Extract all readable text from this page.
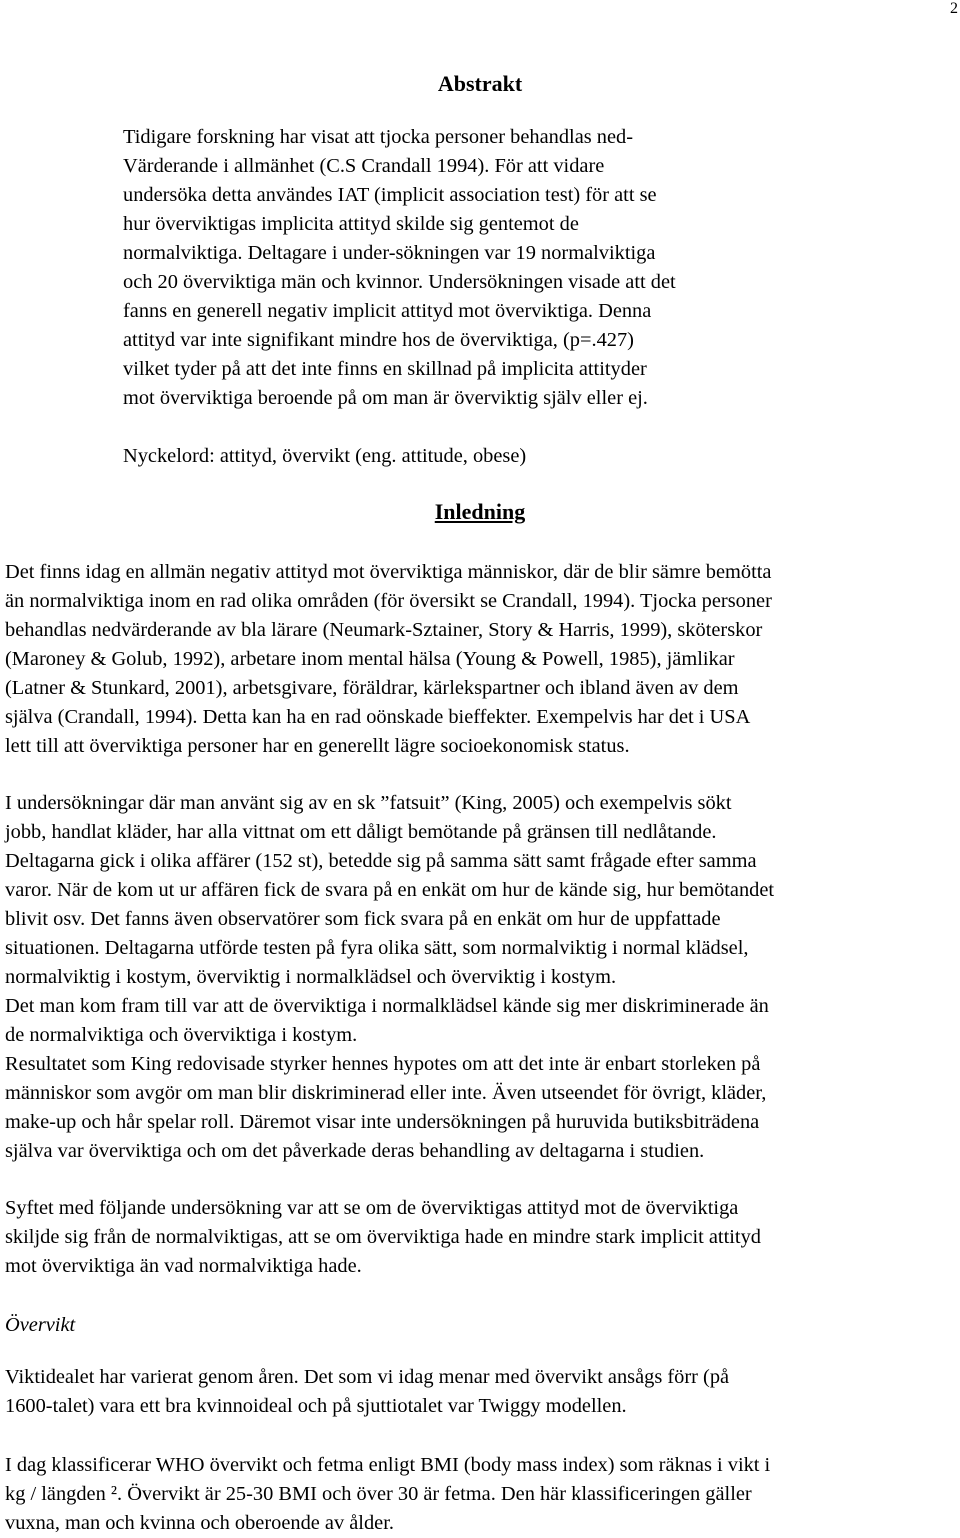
2
Abstrakt
Tidigare forskning har visat att tjocka personer behandlas ned-
Värderande i allmänhet (C.S Crandall 1994). För att vidare
undersöka detta användes IAT (implicit association test) för att se
hur överviktigas implicita attityd skilde sig gentemot de
normalviktiga. Deltagare i under-sökningen var 19 normalviktiga
och 20 överviktiga män och kvinnor. Undersökningen visade att det
fanns en generell negativ implicit attityd mot överviktiga. Denna
attityd var inte signifikant mindre hos de överviktiga, (p=.427)
vilket tyder på att det inte finns en skillnad på implicita attityder
mot överviktiga beroende på om man är överviktig själv eller ej.

Nyckelord: attityd, övervikt (eng. attitude, obese)

Inledning
Det finns idag en allmän negativ attityd mot överviktiga människor, där de blir sämre bemötta
än normalviktiga inom en rad olika områden (för översikt se Crandall, 1994). Tjocka personer
behandlas nedvärderande av bla lärare (Neumark-Sztainer, Story & Harris, 1999), sköterskor
(Maroney & Golub, 1992), arbetare inom mental hälsa (Young & Powell, 1985), jämlikar
(Latner & Stunkard, 2001), arbetsgivare, föräldrar, kärlekspartner och ibland även av dem
själva (Crandall, 1994). Detta kan ha en rad oönskade bieffekter. Exempelvis har det i USA
lett till att överviktiga personer har en generellt lägre socioekonomisk status.
I undersökningar där man använt sig av en sk ”fatsuit” (King, 2005) och exempelvis sökt
jobb, handlat kläder, har alla vittnat om ett dåligt bemötande på gränsen till nedlåtande.
Deltagarna gick i olika affärer (152 st), betedde sig på samma sätt samt frågade efter samma
varor. När de kom ut ur affären fick de svara på en enkät om hur de kände sig, hur bemötandet
blivit osv. Det fanns även observatörer som fick svara på en enkät om hur de uppfattade
situationen. Deltagarna utförde testen på fyra olika sätt, som normalviktig i normal klädsel,
normalviktig i kostym, överviktig i normalklädsel och överviktig i kostym.
Det man kom fram till var att de överviktiga i normalklädsel kände sig mer diskriminerade än
de normalviktiga och överviktiga i kostym.
Resultatet som King redovisade styrker hennes hypotes om att det inte är enbart storleken på
människor som avgör om man blir diskriminerad eller inte. Även utseendet för övrigt, kläder,
make-up och hår spelar roll. Däremot visar inte undersökningen på huruvida butiksbiträdena
själva var överviktiga och om det påverkade deras behandling av deltagarna i studien.
Syftet med följande undersökning var att se om de överviktigas attityd mot de överviktiga
skiljde sig från de normalviktigas, att se om överviktiga hade en mindre stark implicit attityd
mot överviktiga än vad normalviktiga hade.
Övervikt
Viktidealet har varierat genom åren. Det som vi idag menar med övervikt ansågs förr (på
1600-talet) vara ett bra kvinnoideal och på sjuttiotalet var Twiggy modellen.
I dag klassificerar WHO övervikt och fetma enligt BMI (body mass index) som räknas i vikt i
kg / längden ². Övervikt är 25-30 BMI och över 30 är fetma. Den här klassificeringen gäller
vuxna, man och kvinna och oberoende av ålder.
